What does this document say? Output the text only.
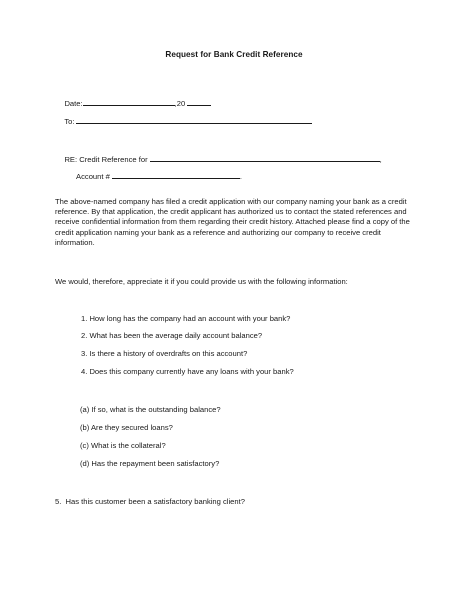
Request for Bank Credit Reference

Date:	,20

To:

RE: Credit Reference for	,

Account #	.

The above-named company has filed a credit application with our company naming your bank as a credit reference. By that application, the credit applicant has authorized us to contact the stated references and receive confidential information from them regarding their credit history. Attached please find a copy of the credit application naming your bank as a reference and authorizing our company to receive credit information.
We would, therefore, appreciate it if you could provide us with the following information:
1. How long has the company had an account with your bank?
2. What has been the average daily account balance?
3. Is there a history of overdrafts on this account?
4. Does this company currently have any loans with your bank?
(a) If so, what is the outstanding balance?
(b) Are they secured loans?
(c) What is the collateral?
(d) Has the repayment been satisfactory?
5.  Has this customer been a satisfactory banking client?
